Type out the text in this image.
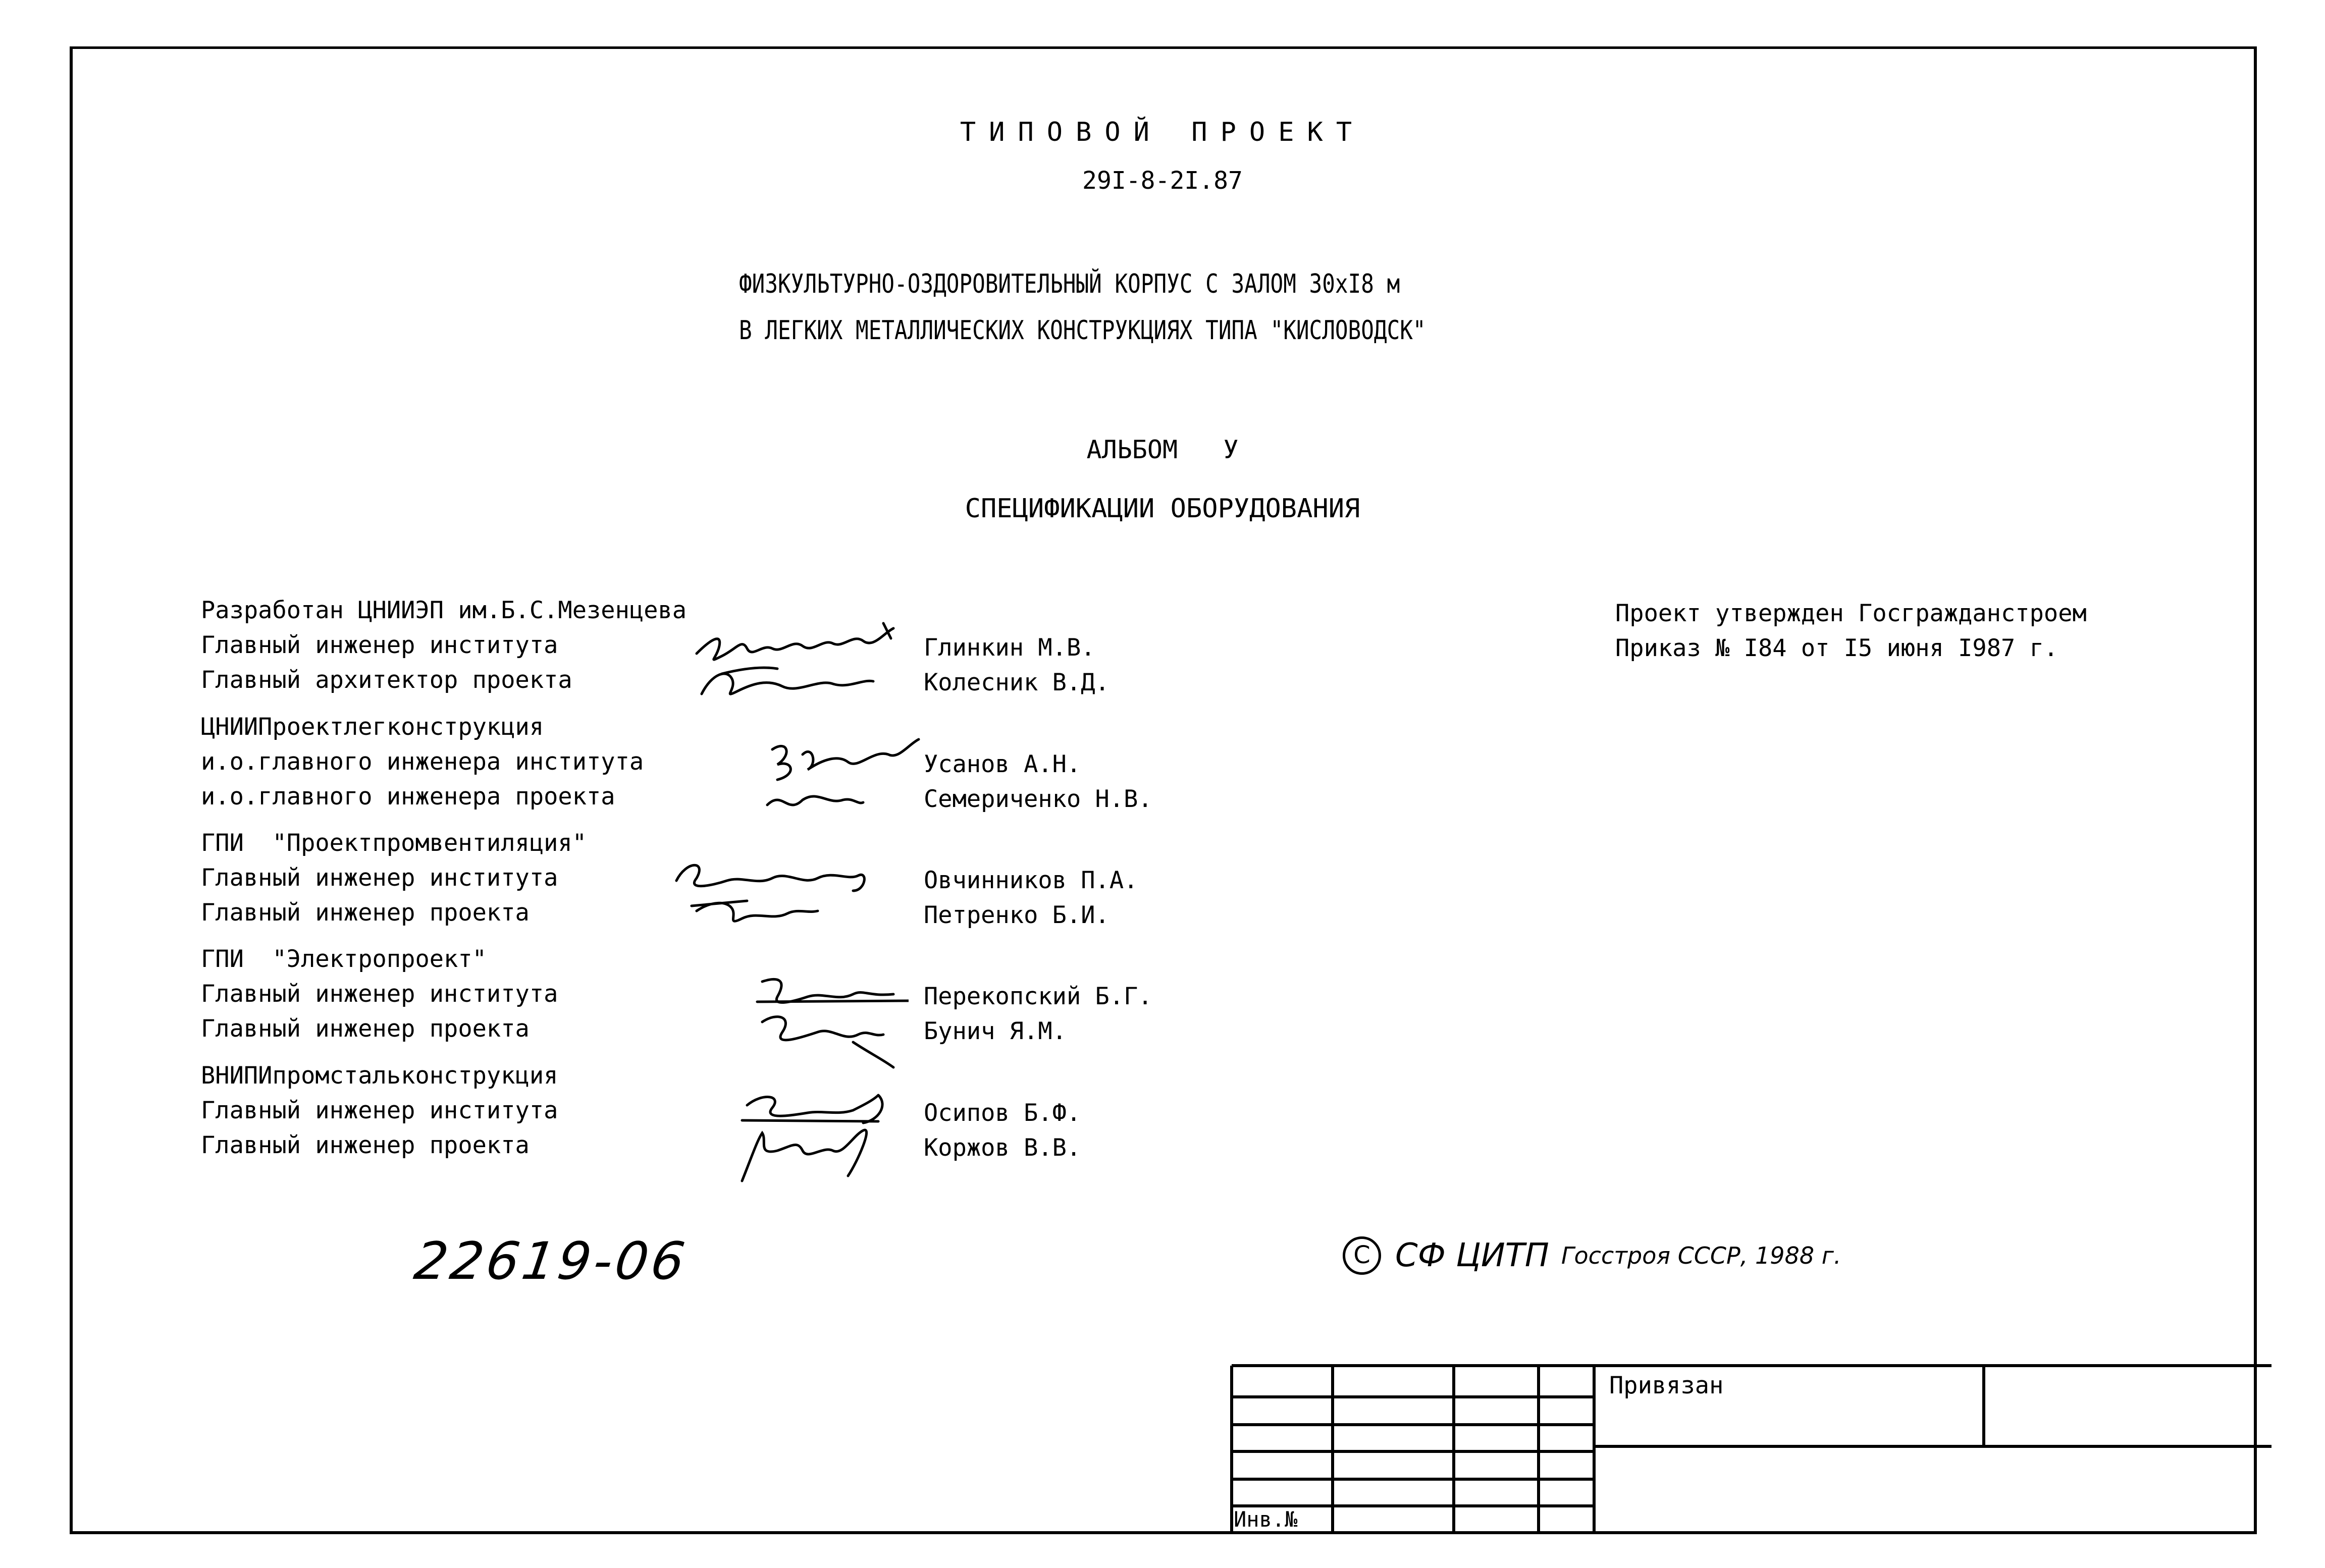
ТИПОВОЙ ПРОЕКТ
29I-8-2I.87
ФИЗКУЛЬТУРНО-ОЗДОРОВИТЕЛЬНЫЙ КОРПУС С ЗАЛОМ 30хI8 м
В ЛЕГКИХ МЕТАЛЛИЧЕСКИХ КОНСТРУКЦИЯХ ТИПА "КИСЛОВОДСК"
АЛЬБОМ   У
СПЕЦИФИКАЦИИ ОБОРУДОВАНИЯ
Разработан ЦНИИЭП им.Б.С.Мезенцева
Главный инженер института
Главный архитектор проекта
ЦНИИПроектлегконструкция
и.о.главного инженера института
и.о.главного инженера проекта
ГПИ  "Проектпромвентиляция"
Главный инженер института
Главный инженер проекта
ГПИ  "Электропроект"
Главный инженер института
Главный инженер проекта
ВНИПИпромстальконструкция
Главный инженер института
Главный инженер проекта
Глинкин М.В.
Колесник В.Д.
Усанов А.Н.
Семериченко Н.В.
Овчинников П.А.
Петренко Б.И.
Перекопский Б.Г.
Бунич Я.М.
Осипов Б.Ф.
Коржов В.В.
Проект утвержден Госгражданстроем
Приказ № I84 от I5 июня I987 г.
22619-06	C СФ ЦИТП Госстроя СССР, 1988 г.
Привязан
Инв.№
